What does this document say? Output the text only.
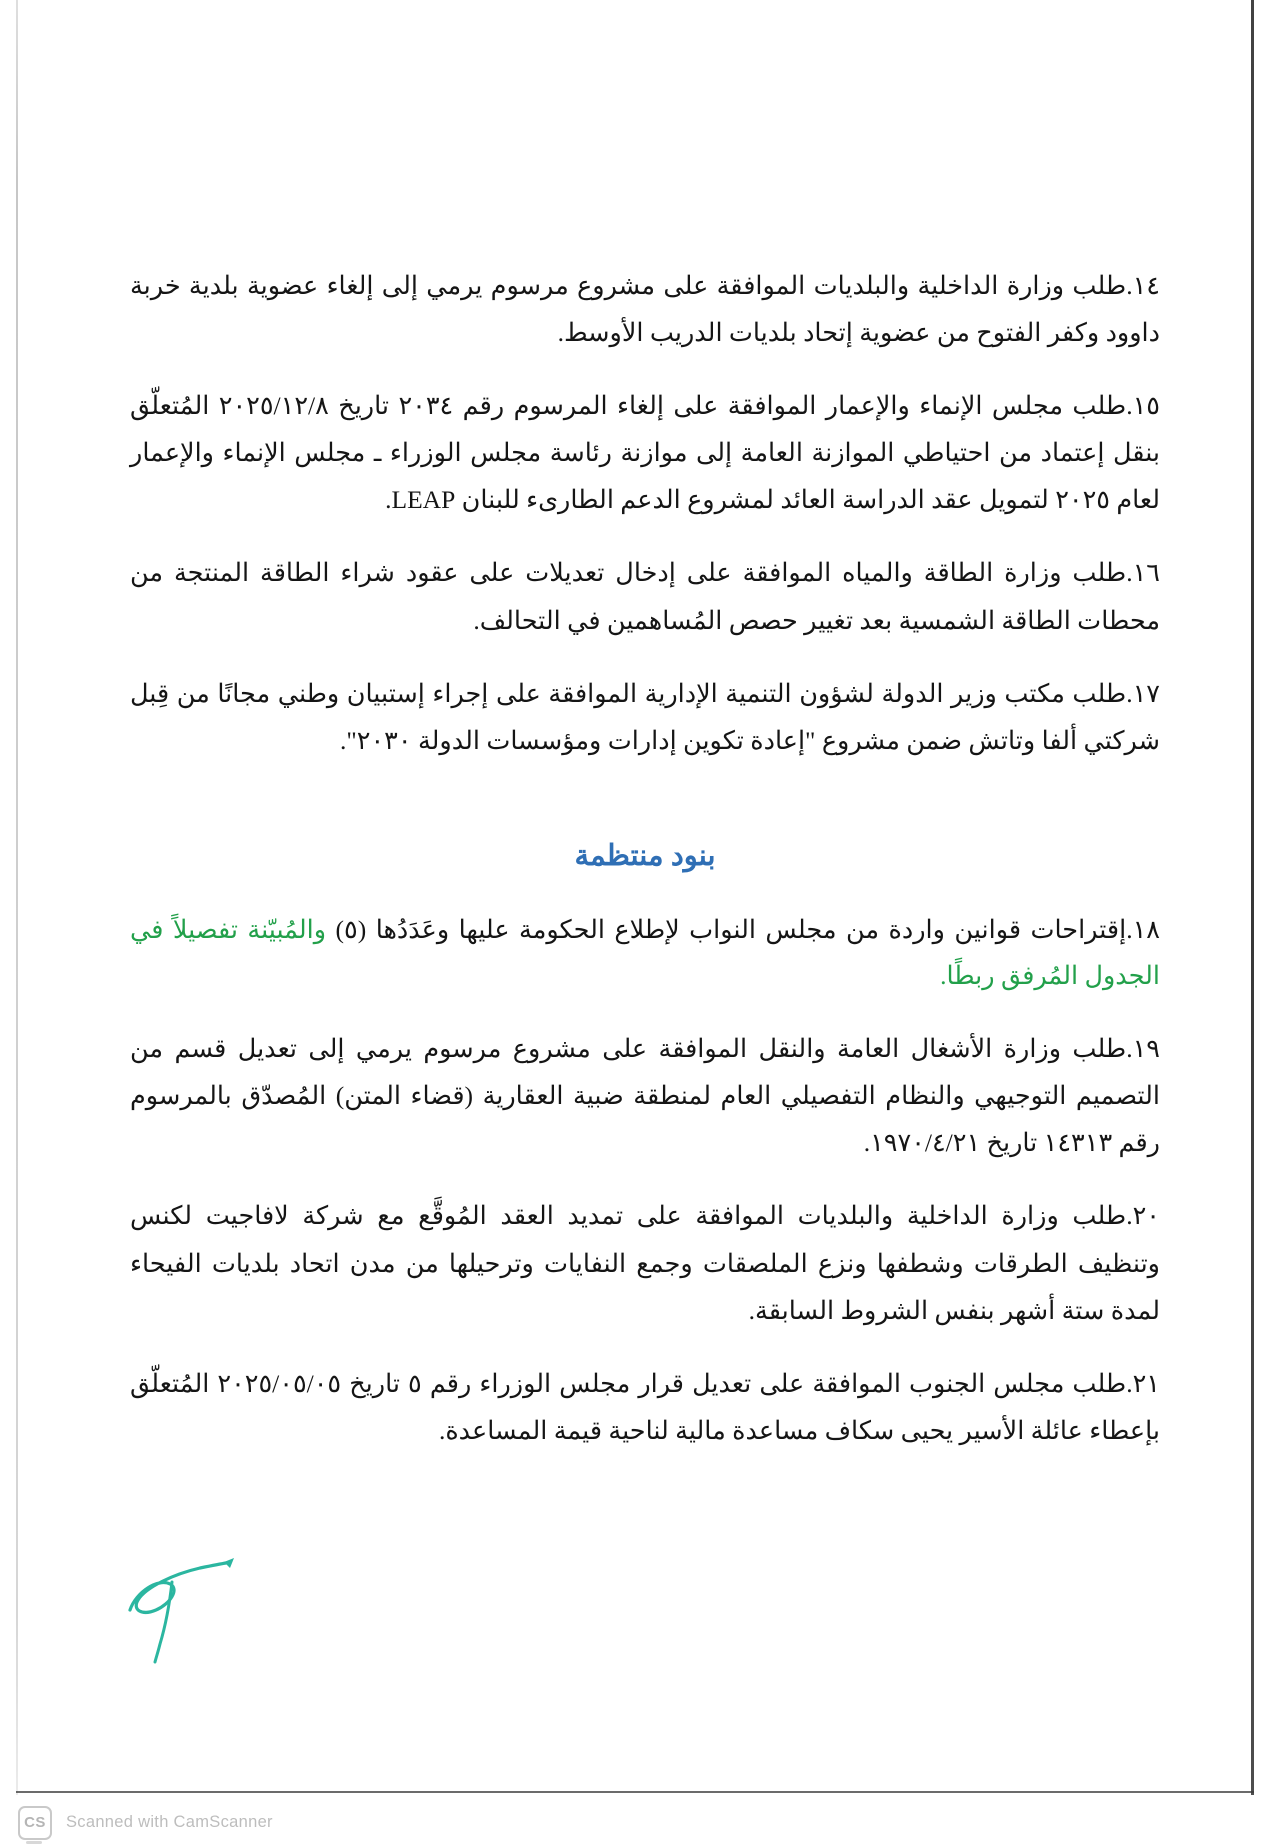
١٤.طلب وزارة الداخلية والبلديات الموافقة على مشروع مرسوم يرمي إلى إلغاء عضوية بلدية خربة داوود وكفر الفتوح من عضوية إتحاد بلديات الدريب الأوسط.

١٥.طلب مجلس الإنماء والإعمار الموافقة على إلغاء المرسوم رقم ٢٠٣٤ تاريخ ٢٠٢٥/١٢/٨ المُتعلّق بنقل إعتماد من احتياطي الموازنة العامة إلى موازنة رئاسة مجلس الوزراء ـ مجلس الإنماء والإعمار لعام ٢٠٢٥ لتمويل عقد الدراسة العائد لمشروع الدعم الطارىء للبنان LEAP.

١٦.طلب وزارة الطاقة والمياه الموافقة على إدخال تعديلات على عقود شراء الطاقة المنتجة من محطات الطاقة الشمسية بعد تغيير حصص المُساهمين في التحالف.

١٧.طلب مكتب وزير الدولة لشؤون التنمية الإدارية الموافقة على إجراء إستبيان وطني مجانًا من قِبل شركتي ألفا وتاتش ضمن مشروع "إعادة تكوين إدارات ومؤسسات الدولة ٢٠٣٠".

بنود منتظمة

١٨.إقتراحات قوانين واردة من مجلس النواب لإطلاع الحكومة عليها وعَدَدُها (٥) والمُبيّنة تفصيلاً في الجدول المُرفق ربطًا.

١٩.طلب وزارة الأشغال العامة والنقل الموافقة على مشروع مرسوم يرمي إلى تعديل قسم من التصميم التوجيهي والنظام التفصيلي العام لمنطقة ضبية العقارية (قضاء المتن) المُصدّق بالمرسوم رقم ١٤٣١٣ تاريخ ١٩٧٠/٤/٢١.

٢٠.طلب وزارة الداخلية والبلديات الموافقة على تمديد العقد المُوقَّع مع شركة لافاجيت لكنس وتنظيف الطرقات وشطفها ونزع الملصقات وجمع النفايات وترحيلها من مدن اتحاد بلديات الفيحاء لمدة ستة أشهر بنفس الشروط السابقة.

٢١.طلب مجلس الجنوب الموافقة على تعديل قرار مجلس الوزراء رقم ٥ تاريخ ٢٠٢٥/٠٥/٠٥ المُتعلّق بإعطاء عائلة الأسير يحيى سكاف مساعدة مالية لناحية قيمة المساعدة.

CS	Scanned with CamScanner
